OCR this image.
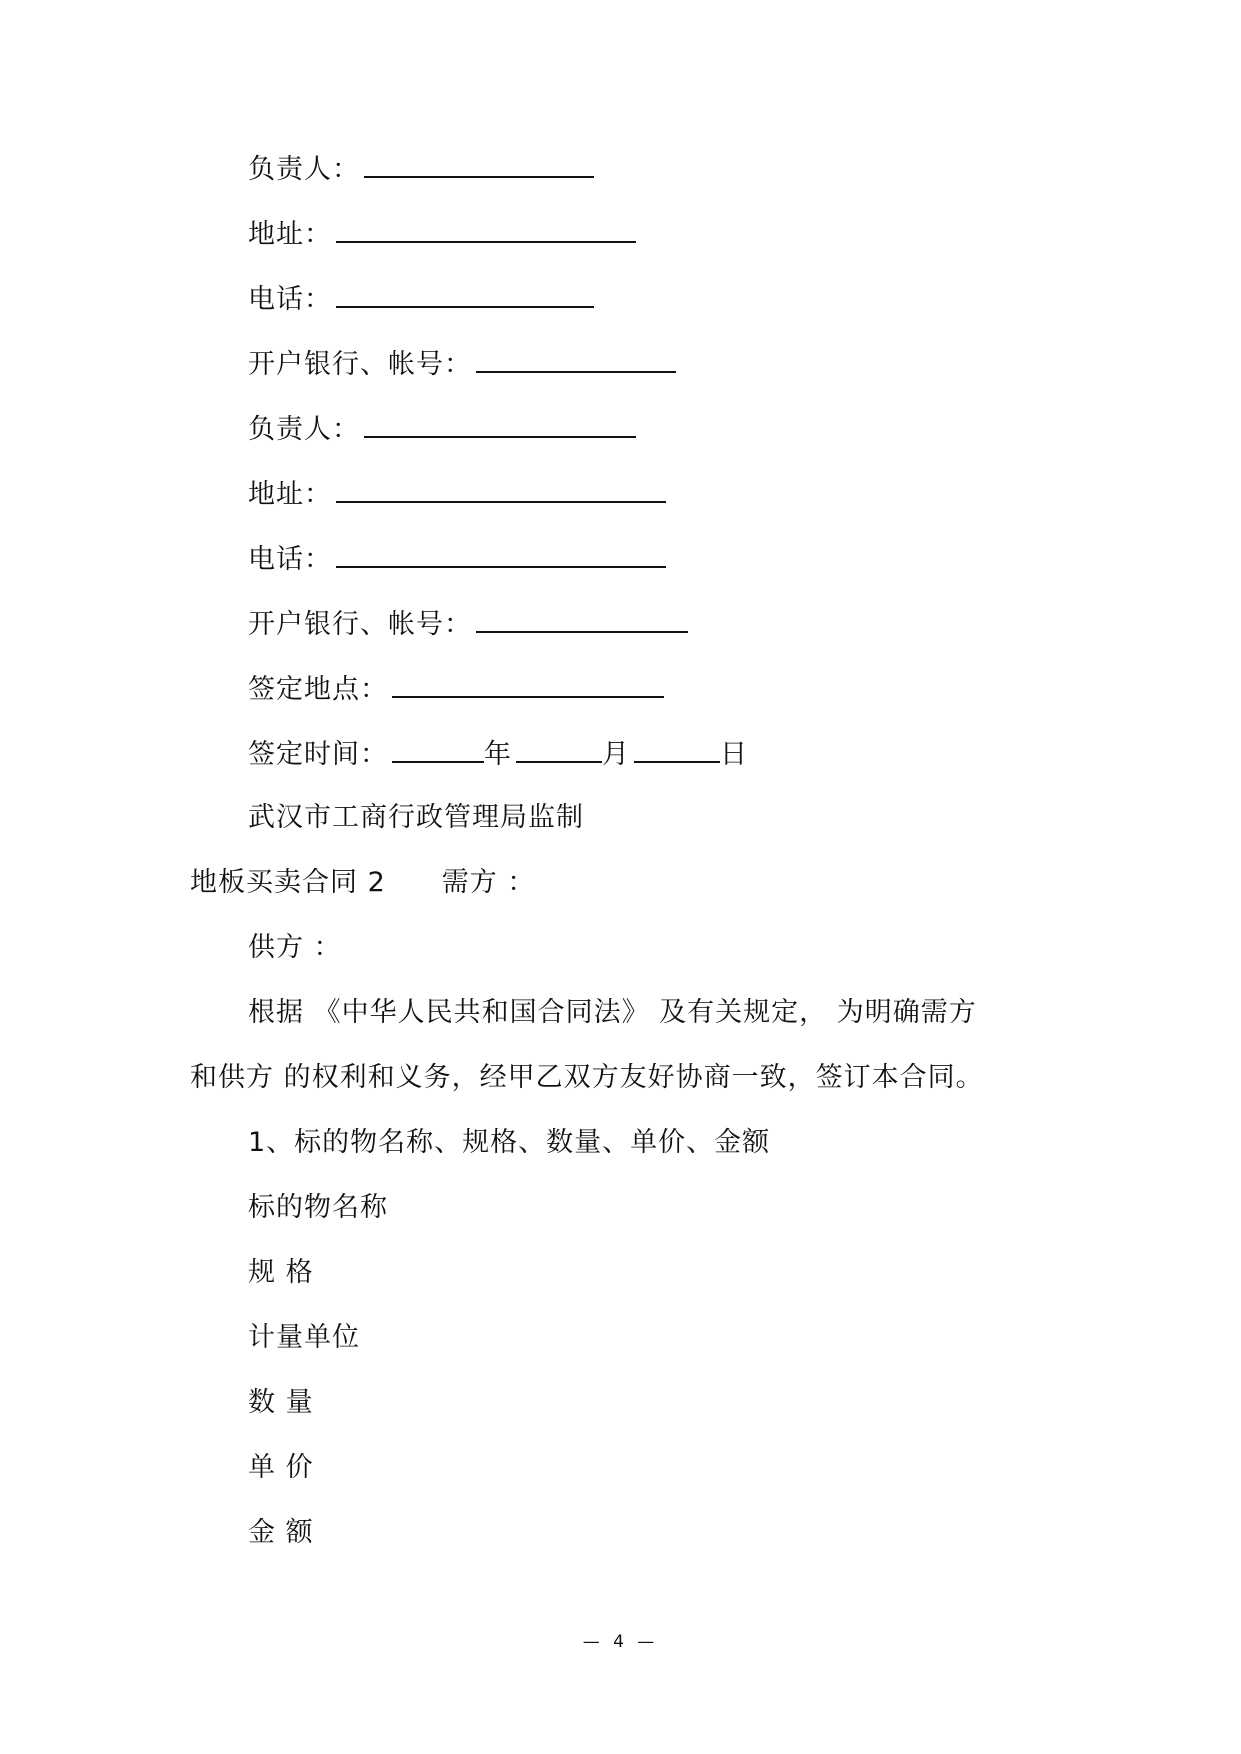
负责人：
地址：
电话：
开户银行、帐号：
负责人：
地址：
电话：
开户银行、帐号：
签定地点：
签定时间：	年	月	日
武汉市工商行政管理局监制
地板买卖合同 2 需方 ：
供方 ：
根据 《中华人民共和国合同法》 及有关规定， 为明确需方
和供方 的权利和义务，经甲乙双方友好协商一致，签订本合同。
1、标的物名称、规格、数量、单价、金额
标的物名称
规 格
计量单位
数 量
单 价
金 额
— 4 —
